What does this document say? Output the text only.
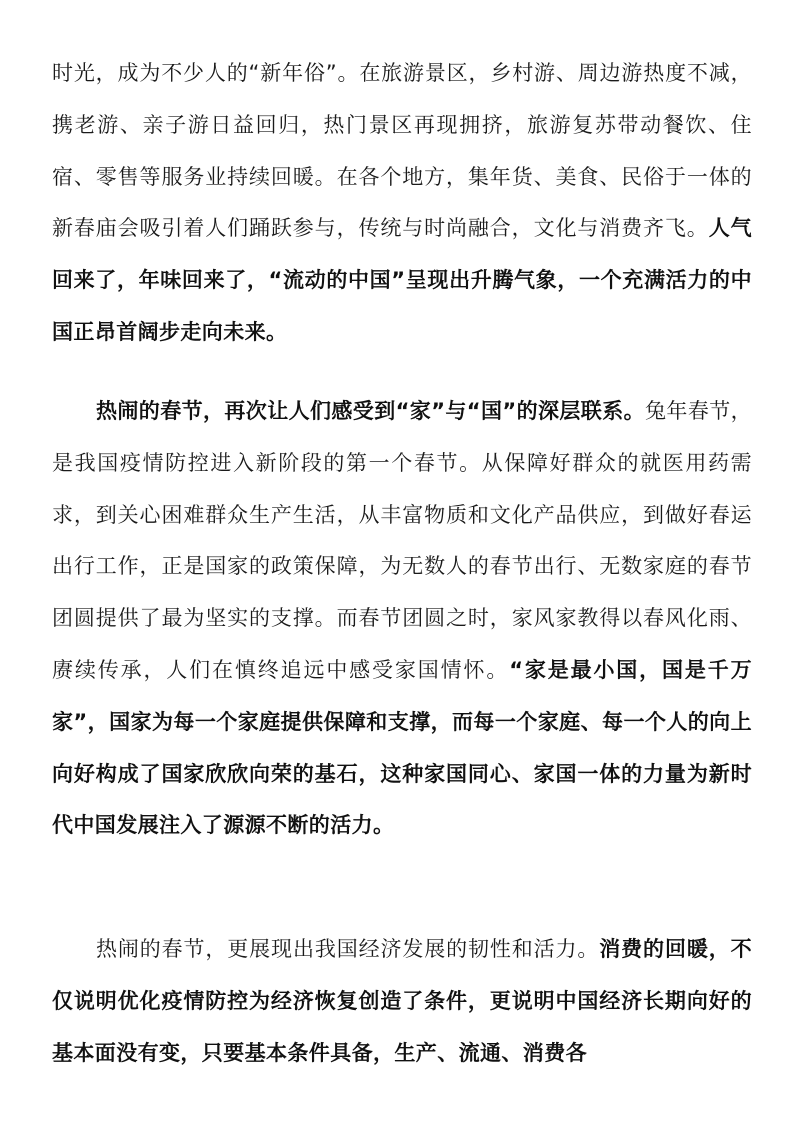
时光，成为不少人的“新年俗”。在旅游景区，乡村游、周边游热度不减，携老游、亲子游日益回归，热门景区再现拥挤，旅游复苏带动餐饮、住宿、零售等服务业持续回暖。在各个地方，集年货、美食、民俗于一体的新春庙会吸引着人们踊跃参与，传统与时尚融合，文化与消费齐飞。人气回来了，年味回来了，“流动的中国”呈现出升腾气象，一个充满活力的中国正昂首阔步走向未来。

热闹的春节，再次让人们感受到“家”与“国”的深层联系。兔年春节，是我国疫情防控进入新阶段的第一个春节。从保障好群众的就医用药需求，到关心困难群众生产生活，从丰富物质和文化产品供应，到做好春运出行工作，正是国家的政策保障，为无数人的春节出行、无数家庭的春节团圆提供了最为坚实的支撑。而春节团圆之时，家风家教得以春风化雨、赓续传承，人们在慎终追远中感受家国情怀。“家是最小国，国是千万家”，国家为每一个家庭提供保障和支撑，而每一个家庭、每一个人的向上向好构成了国家欣欣向荣的基石，这种家国同心、家国一体的力量为新时代中国发展注入了源源不断的活力。

热闹的春节，更展现出我国经济发展的韧性和活力。消费的回暖，不仅说明优化疫情防控为经济恢复创造了条件，更说明中国经济长期向好的基本面没有变，只要基本条件具备，生产、流通、消费各
